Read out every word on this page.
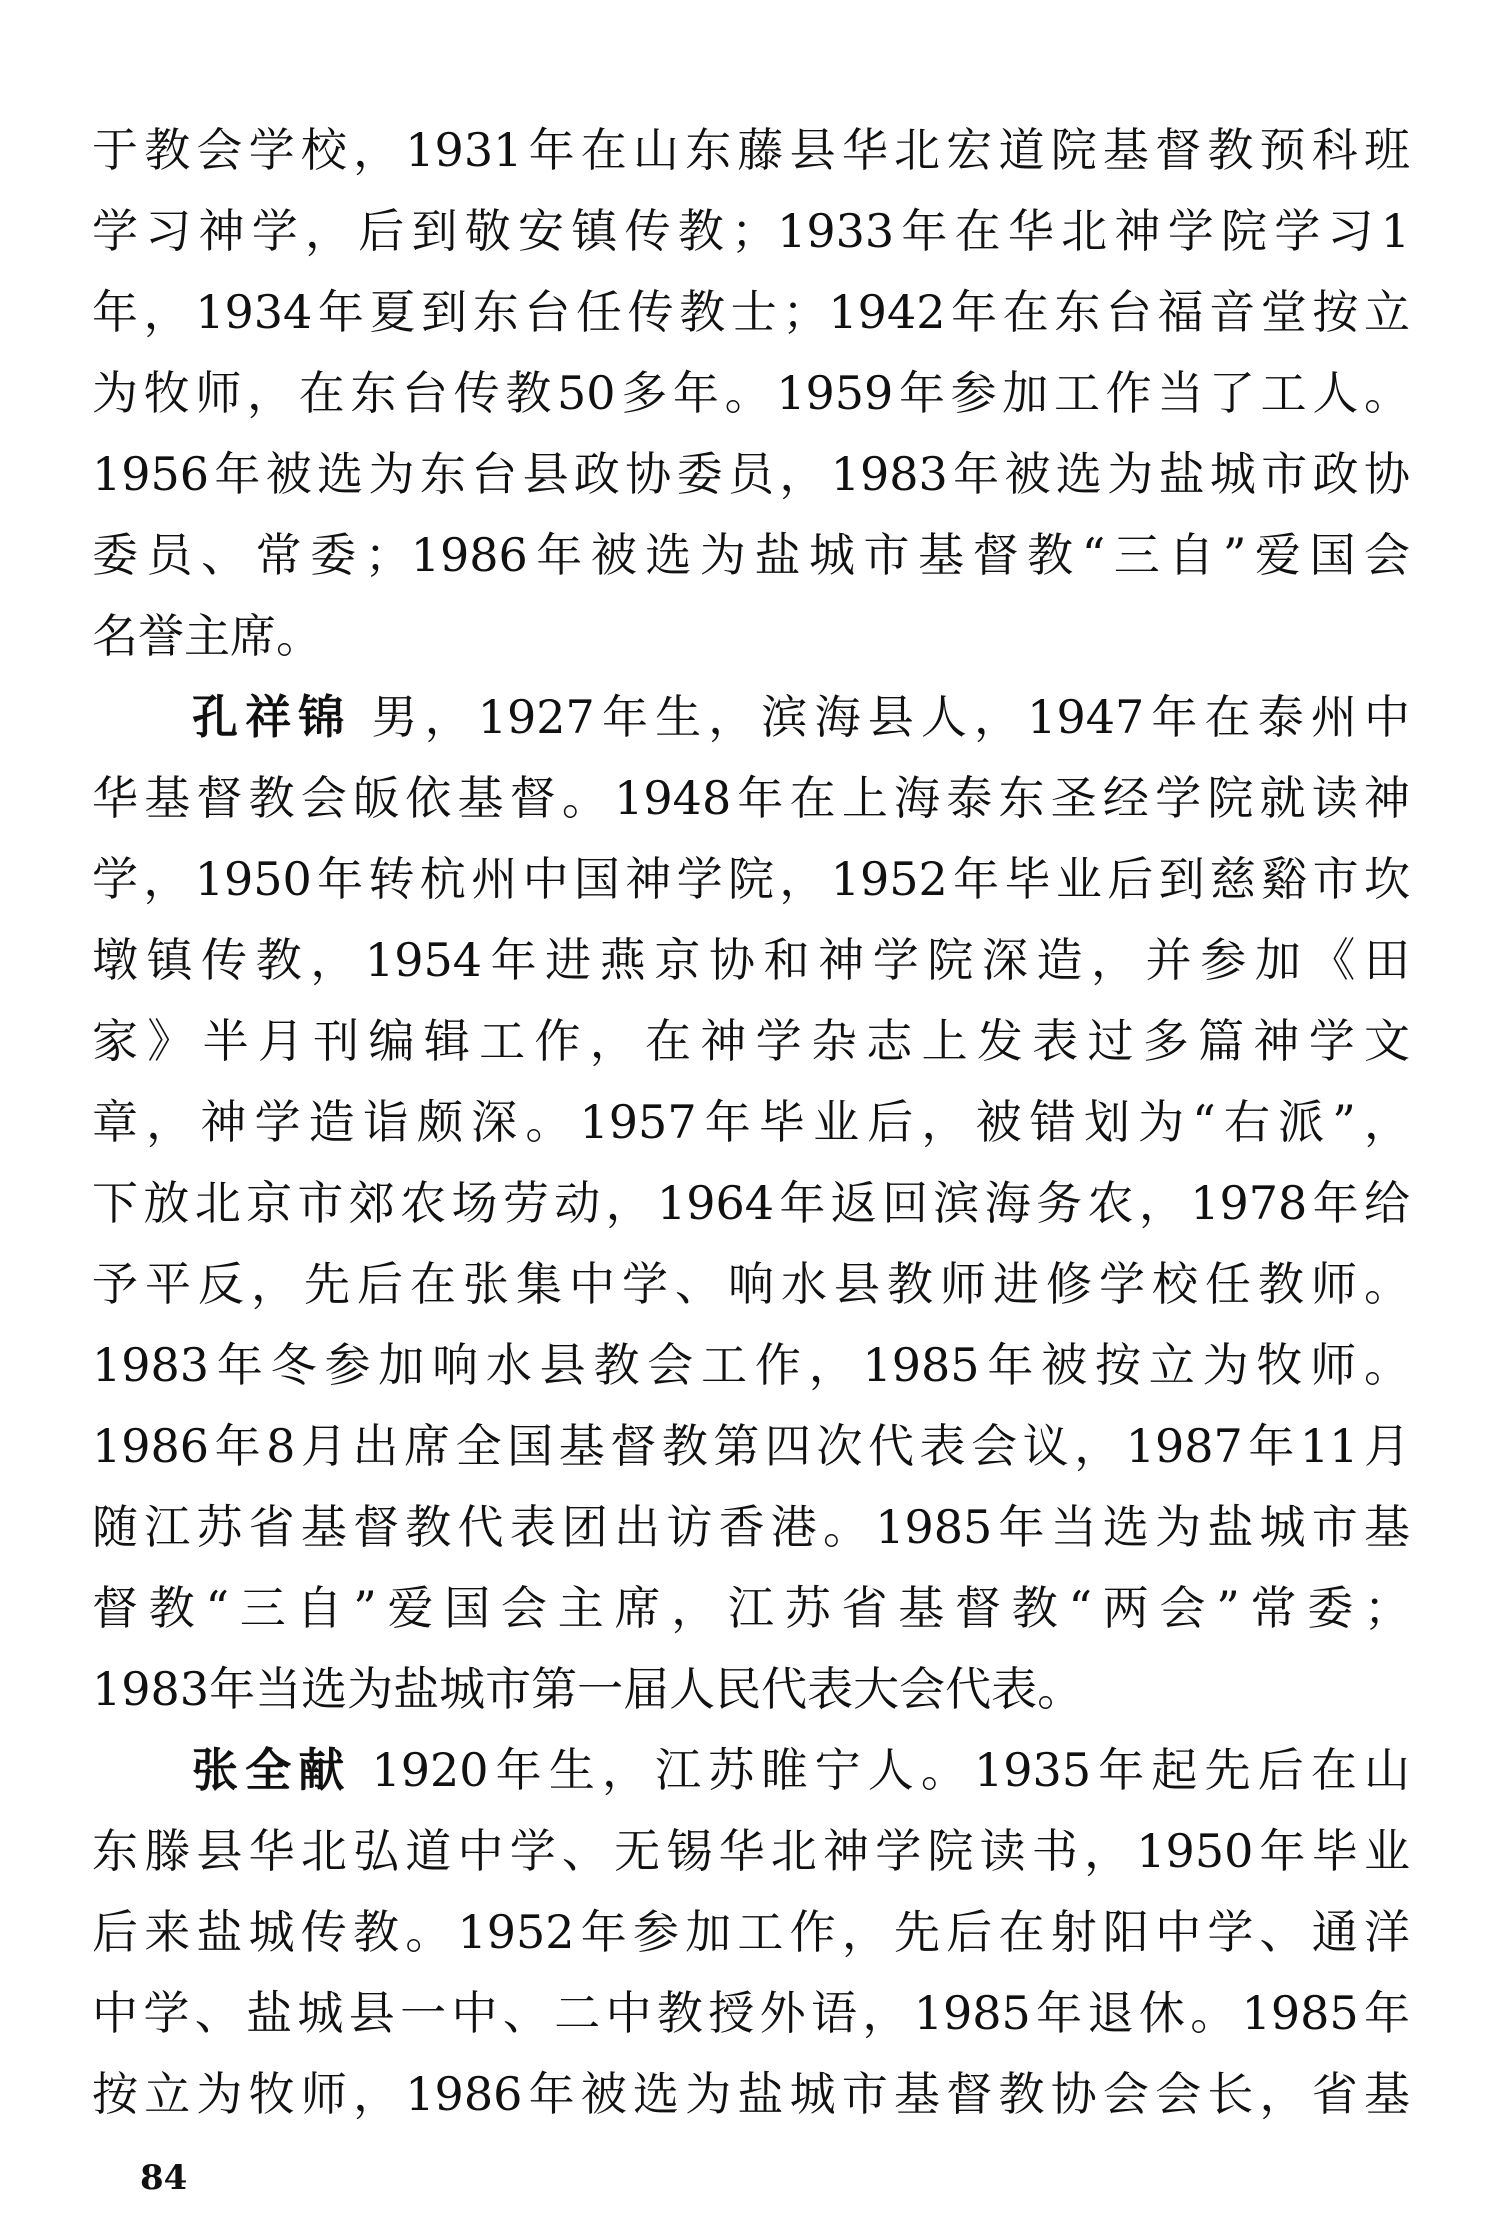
于教会学校，1931年在山东藤县华北宏道院基督教预科班
学习神学，后到敬安镇传教；1933年在华北神学院学习1
年，1934年夏到东台任传教士；1942年在东台福音堂按立
为牧师，在东台传教50多年。1959年参加工作当了工人。
1956年被选为东台县政协委员，1983年被选为盐城市政协
委员、常委；1986年被选为盐城市基督教“三自”爱国会
名誉主席。
孔祥锦 男，1927年生，滨海县人，1947年在泰州中
华基督教会皈依基督。1948年在上海泰东圣经学院就读神
学，1950年转杭州中国神学院，1952年毕业后到慈谿市坎
墩镇传教，1954年进燕京协和神学院深造，并参加《田
家》半月刊编辑工作，在神学杂志上发表过多篇神学文
章，神学造诣颇深。1957年毕业后，被错划为“右派”，
下放北京市郊农场劳动，1964年返回滨海务农，1978年给
予平反，先后在张集中学、响水县教师进修学校任教师。
1983年冬参加响水县教会工作，1985年被按立为牧师。
1986年8月出席全国基督教第四次代表会议，1987年11月
随江苏省基督教代表团出访香港。1985年当选为盐城市基
督教“三自”爱国会主席，江苏省基督教“两会”常委；
1983年当选为盐城市第一届人民代表大会代表。
张全献 1920年生，江苏睢宁人。1935年起先后在山
东滕县华北弘道中学、无锡华北神学院读书，1950年毕业
后来盐城传教。1952年参加工作，先后在射阳中学、通洋
中学、盐城县一中、二中教授外语，1985年退休。1985年
按立为牧师，1986年被选为盐城市基督教协会会长，省基
84
